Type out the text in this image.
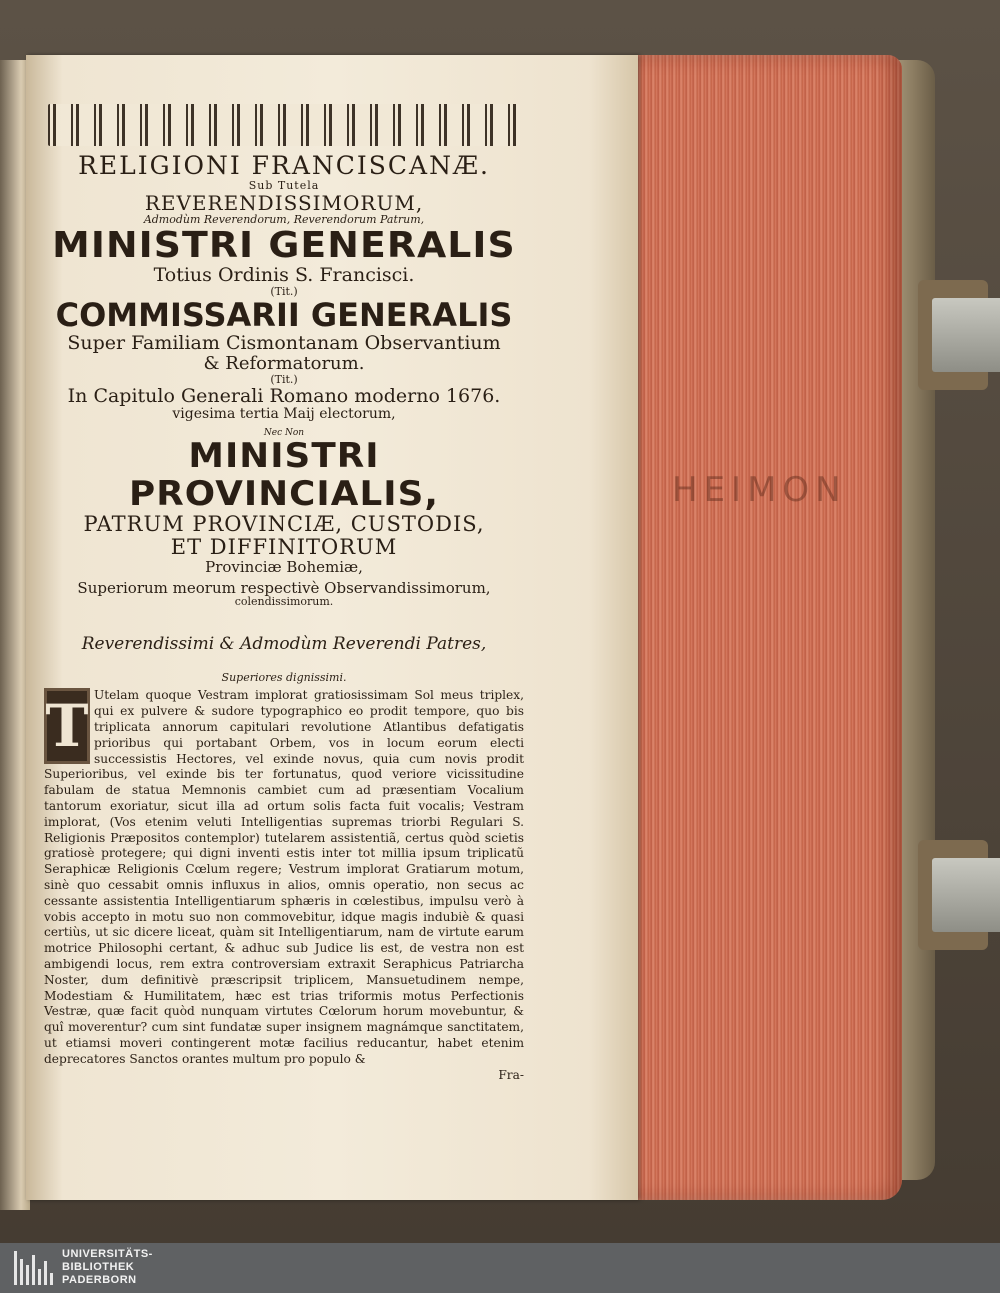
HEIMON

RELIGIONI FRANCISCANÆ.

Sub Tutela

REVERENDISSIMORUM,

Admodùm Reverendorum, Reverendorum Patrum,

MINISTRI GENERALIS

Totius Ordinis S. Francisci.

(Tit.)

COMMISSARII GENERALIS

Super Familiam Cismontanam Observantium

& Reformatorum.

(Tit.)

In Capitulo Generali Romano moderno 1676.

vigesima tertia Maij electorum,

Nec Non

MINISTRI PROVINCIALIS,

PATRUM PROVINCIÆ, CUSTODIS,

ET DIFFINITORUM

Provinciæ Bohemiæ,

Superiorum meorum respectivè Observandissimorum,

colendissimorum.

Reverendissimi & Admodùm Reverendi Patres,

Superiores dignissimi.

T Utelam quoque Vestram implorat gratiosissimam Sol meus triplex, qui ex pulvere & sudore typographico eo prodit tempore, quo bis triplicata annorum capitulari revolutione Atlantibus defatigatis prioribus qui portabant Orbem, vos in locum eorum electi successistis Hectores, vel exinde novus, quia cum novis prodit Superioribus, vel exinde bis ter fortunatus, quod veriore vicissitudine fabulam de statua Memnonis cambiet cum ad præsentiam Vocalium tantorum exoriatur, sicut illa ad ortum solis facta fuit vocalis; Vestram implorat, (Vos etenim veluti Intelligentias supremas triorbi Regulari S. Religionis Præpositos contemplor) tutelarem assistentiã, certus quòd scietis gratiosè protegere; qui digni inventi estis inter tot millia ipsum triplicatũ Seraphicæ Religionis Cœlum regere; Vestrum implorat Gratiarum motum, sinè quo cessabit omnis influxus in alios, omnis operatio, non secus ac cessante assistentia Intelligentiarum sphæris in cœlestibus, impulsu verò à vobis accepto in motu suo non commovebitur, idque magis indubiè & quasi certiùs, ut sic dicere liceat, quàm sit Intelligentiarum, nam de virtute earum motrice Philosophi certant, & adhuc sub Judice lis est, de vestra non est ambigendi locus, rem extra controversiam extraxit Seraphicus Patriarcha Noster, dum definitivè præscripsit triplicem, Mansuetudinem nempe, Modestiam & Humilitatem, hæc est trias triformis motus Perfectionis Vestræ, quæ facit quòd nunquam virtutes Cœlorum horum movebuntur, & quî moverentur? cum sint fundatæ super insignem magnámque sanctitatem, ut etiamsi moveri contingerent motæ facilius reducantur, habet etenim deprecatores Sanctos orantes multum pro populo &

Fra-

UNIVERSITÄTS-
BIBLIOTHEK
PADERBORN
